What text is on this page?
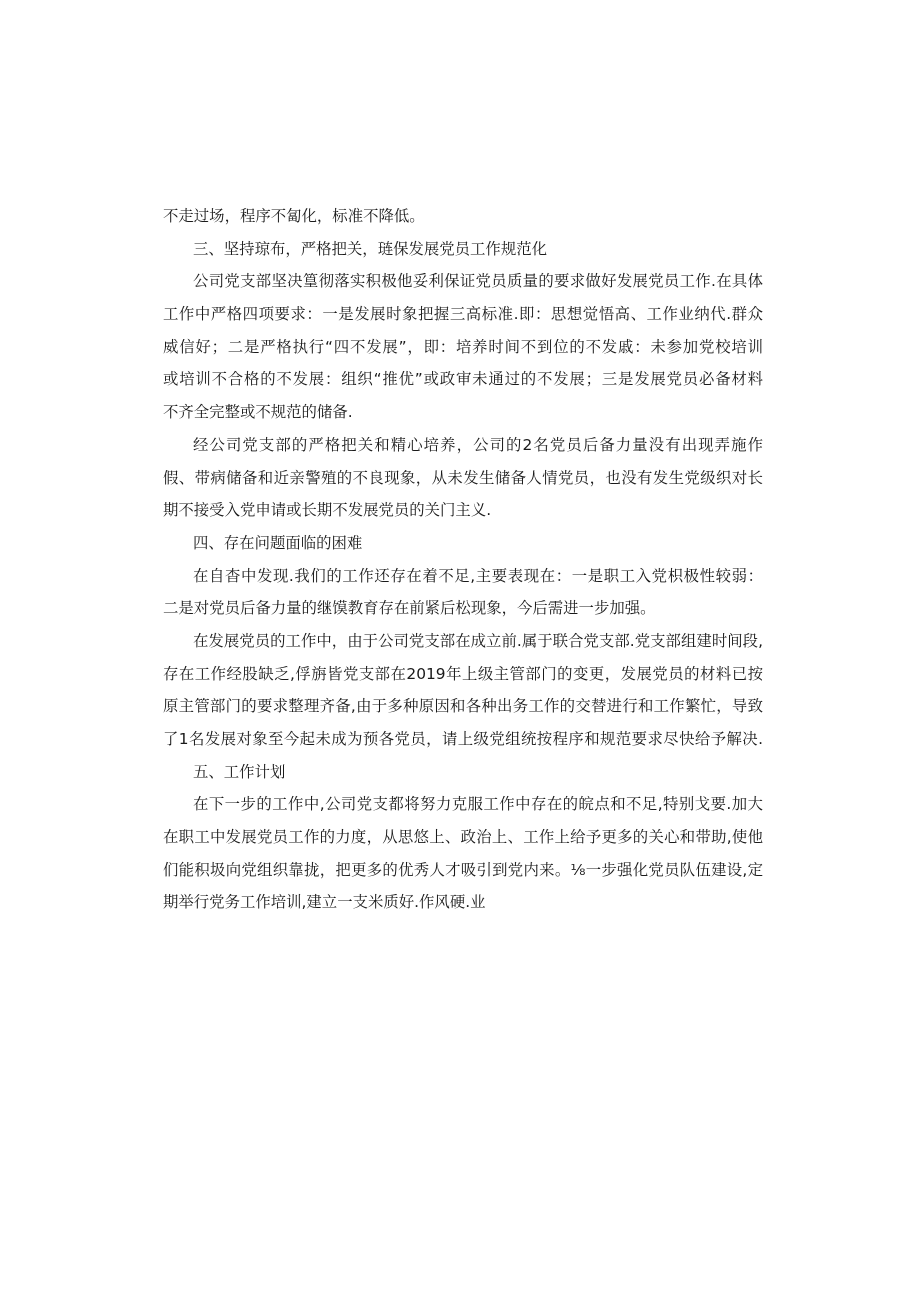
不走过场，程序不匐化，标准不降低。
三、坚持琼布，严格把关，琏保发展党员工作规范化
公司党支部坚决篁彻落实积极他妥利保证党员质量的要求做好发展党员工作.在具体
工作中严格四项要求：一是发展时象把握三高标准.即：思想觉悟高、工作业纳代.群众
威信好；二是严格执行“四不发展”，即：培养时间不到位的不发戚：未参加党校培训
或培训不合格的不发展：组织“推优”或政审未通过的不发展；三是发展党员必备材料
不齐全完整或不规范的储备.
经公司党支部的严格把关和精心培养，公司的2名党员后备力量没有出现弄施作
假、带病储备和近亲警殖的不良现象，从未发生储备人情党员，也没有发生党级织对长
期不接受入党申请或长期不发展党员的关门主义.
四、存在问题面临的困难
在自杳中发现.我们的工作还存在着不足,主要表现在：一是职工入党枳极性较弱：
二是对党员后备力量的继馍教育存在前紧后松现象，今后需进一步加强。
在发展党员的工作中，由于公司党支部在成立前.属于联合党支部.党支部组建时间段,
存在工作经股缺乏,俘旃皆党支部在2019年上级主管部门的变更，发展党员的材料已按
原主管部门的要求整理齐备,由于多种原因和各种出务工作的交替进行和工作繁忙，导致
了1名发展对象至今起未成为预各党员，请上级党组统按程序和规范要求尽快给予解决.
五、工作计划
在下一步的工作中,公司党支都将努力克服工作中存在的皖点和不足,特别戈要.加大
在职工中发展党员工作的力度，从思悠上、政治上、工作上给予更多的关心和带助,使他
们能积圾向党组织靠拢，把更多的优秀人才吸引到党内来。⅛一步强化党员队伍建设,定
期举行党务工作培训,建立一支米质好.作风硬.业
